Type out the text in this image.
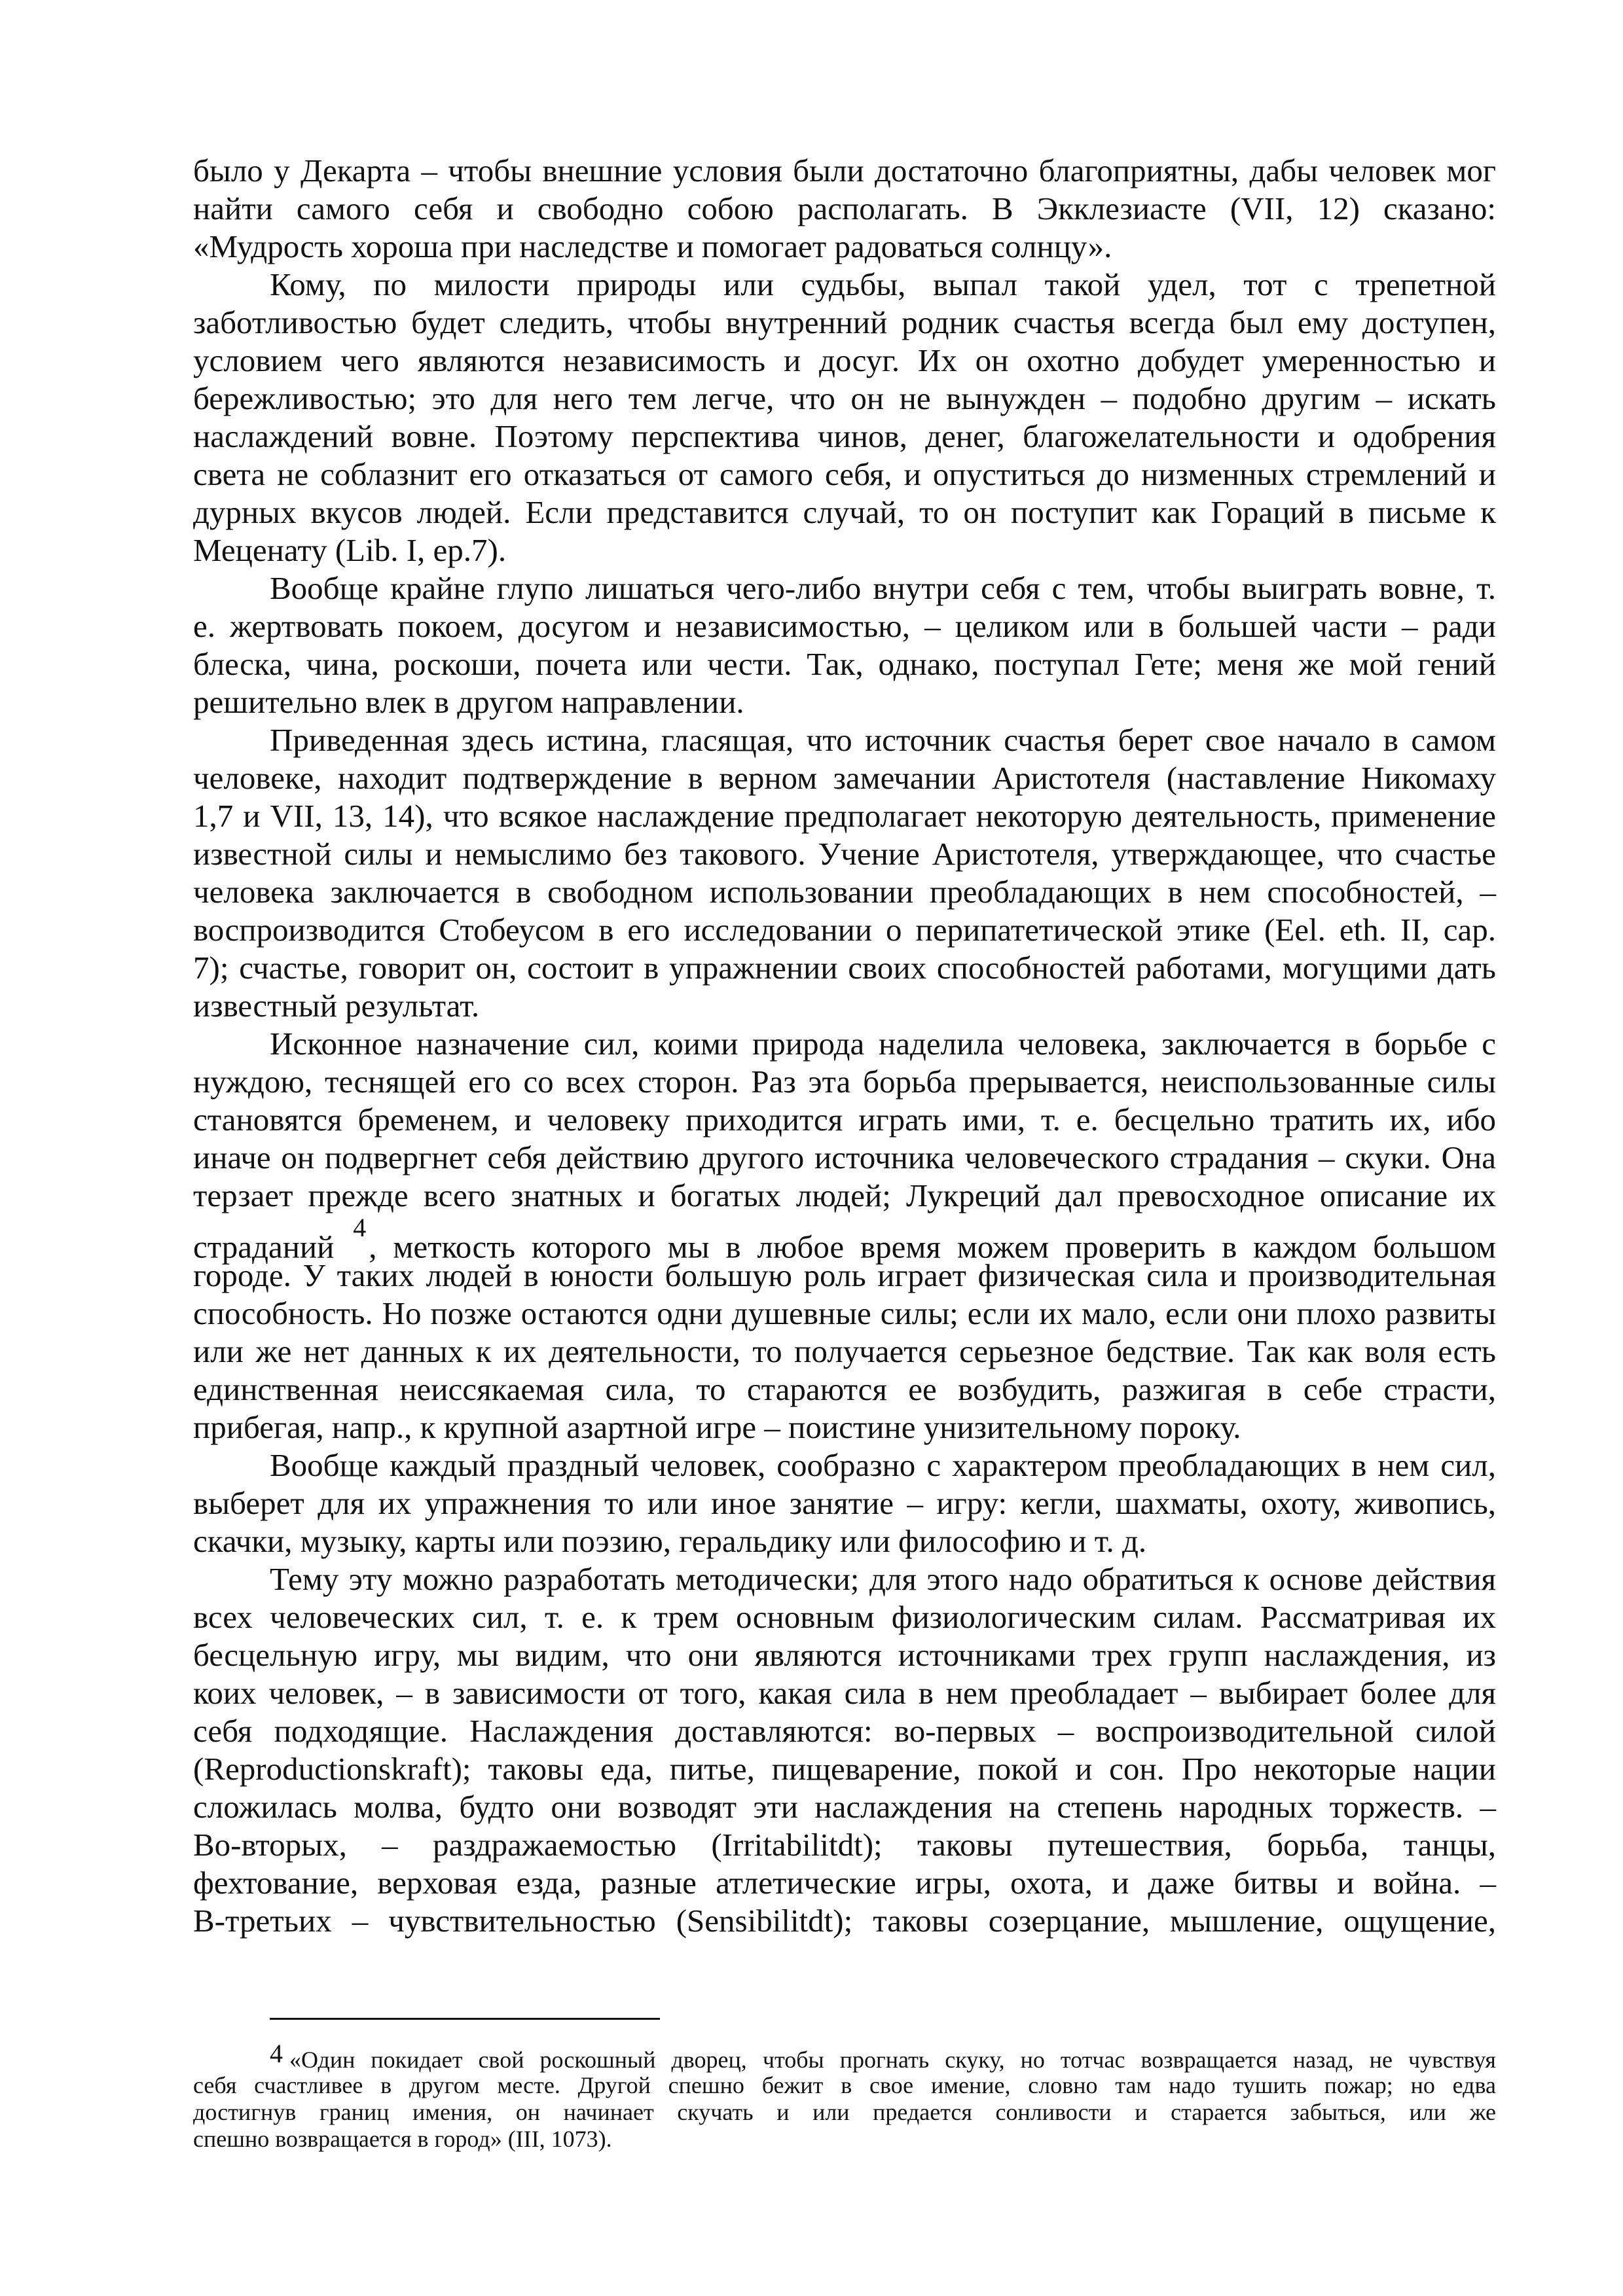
было у Декарта – чтобы внешние условия были достаточно благоприятны, дабы человек мог
найти самого себя и свободно собою располагать. В Экклезиасте (VII, 12) сказано:
«Мудрость хороша при наследстве и помогает радоваться солнцу».
Кому, по милости природы или судьбы, выпал такой удел, тот с трепетной
заботливостью будет следить, чтобы внутренний родник счастья всегда был ему доступен,
условием чего являются независимость и досуг. Их он охотно добудет умеренностью и
бережливостью; это для него тем легче, что он не вынужден – подобно другим – искать
наслаждений вовне. Поэтому перспектива чинов, денег, благожелательности и одобрения
света не соблазнит его отказаться от самого себя, и опуститься до низменных стремлений и
дурных вкусов людей. Если представится случай, то он поступит как Гораций в письме к
Меценату (Lib. I, ep.7).
Вообще крайне глупо лишаться чего-либо внутри себя с тем, чтобы выиграть вовне, т.
е. жертвовать покоем, досугом и независимостью, – целиком или в большей части – ради
блеска, чина, роскоши, почета или чести. Так, однако, поступал Гете; меня же мой гений
решительно влек в другом направлении.
Приведенная здесь истина, гласящая, что источник счастья берет свое начало в самом
человеке, находит подтверждение в верном замечании Аристотеля (наставление Никомаху
1,7 и VII, 13, 14), что всякое наслаждение предполагает некоторую деятельность, применение
известной силы и немыслимо без такового. Учение Аристотеля, утверждающее, что счастье
человека заключается в свободном использовании преобладающих в нем способностей, –
воспроизводится Стобеусом в его исследовании о перипатетической этике (Eel. eth. II, cap.
7); счастье, говорит он, состоит в упражнении своих способностей работами, могущими дать
известный результат.
Исконное назначение сил, коими природа наделила человека, заключается в борьбе с
нуждою, теснящей его со всех сторон. Раз эта борьба прерывается, неиспользованные силы
становятся бременем, и человеку приходится играть ими, т. е. бесцельно тратить их, ибо
иначе он подвергнет себя действию другого источника человеческого страдания – скуки. Она
терзает прежде всего знатных и богатых людей; Лукреций дал превосходное описание их
страданий $^4$, меткость которого мы в любое время можем проверить в каждом большом
городе. У таких людей в юности большую роль играет физическая сила и производительная
способность. Но позже остаются одни душевные силы; если их мало, если они плохо развиты
или же нет данных к их деятельности, то получается серьезное бедствие. Так как воля есть
единственная неиссякаемая сила, то стараются ее возбудить, разжигая в себе страсти,
прибегая, напр., к крупной азартной игре – поистине унизительному пороку.
Вообще каждый праздный человек, сообразно с характером преобладающих в нем сил,
выберет для их упражнения то или иное занятие – игру: кегли, шахматы, охоту, живопись,
скачки, музыку, карты или поэзию, геральдику или философию и т. д.
Тему эту можно разработать методически; для этого надо обратиться к основе действия
всех человеческих сил, т. е. к трем основным физиологическим силам. Рассматривая их
бесцельную игру, мы видим, что они являются источниками трех групп наслаждения, из
коих человек, – в зависимости от того, какая сила в нем преобладает – выбирает более для
себя подходящие. Наслаждения доставляются: во-первых – воспроизводительной силой
(Reproductionskraft); таковы еда, питье, пищеварение, покой и сон. Про некоторые нации
сложилась молва, будто они возводят эти наслаждения на степень народных торжеств. –
Во-вторых, – раздражаемостью (Irritabilitdt); таковы путешествия, борьба, танцы,
фехтование, верховая езда, разные атлетические игры, охота, и даже битвы и война. –
В-третьих – чувствительностью (Sensibilitdt); таковы созерцание, мышление, ощущение,
4 «Один покидает свой роскошный дворец, чтобы прогнать скуку, но тотчас возвращается назад, не чувствуя
себя счастливее в другом месте. Другой спешно бежит в свое имение, словно там надо тушить пожар; но едва
достигнув границ имения, он начинает скучать и или предается сонливости и старается забыться, или же
спешно возвращается в город» (III, 1073).
